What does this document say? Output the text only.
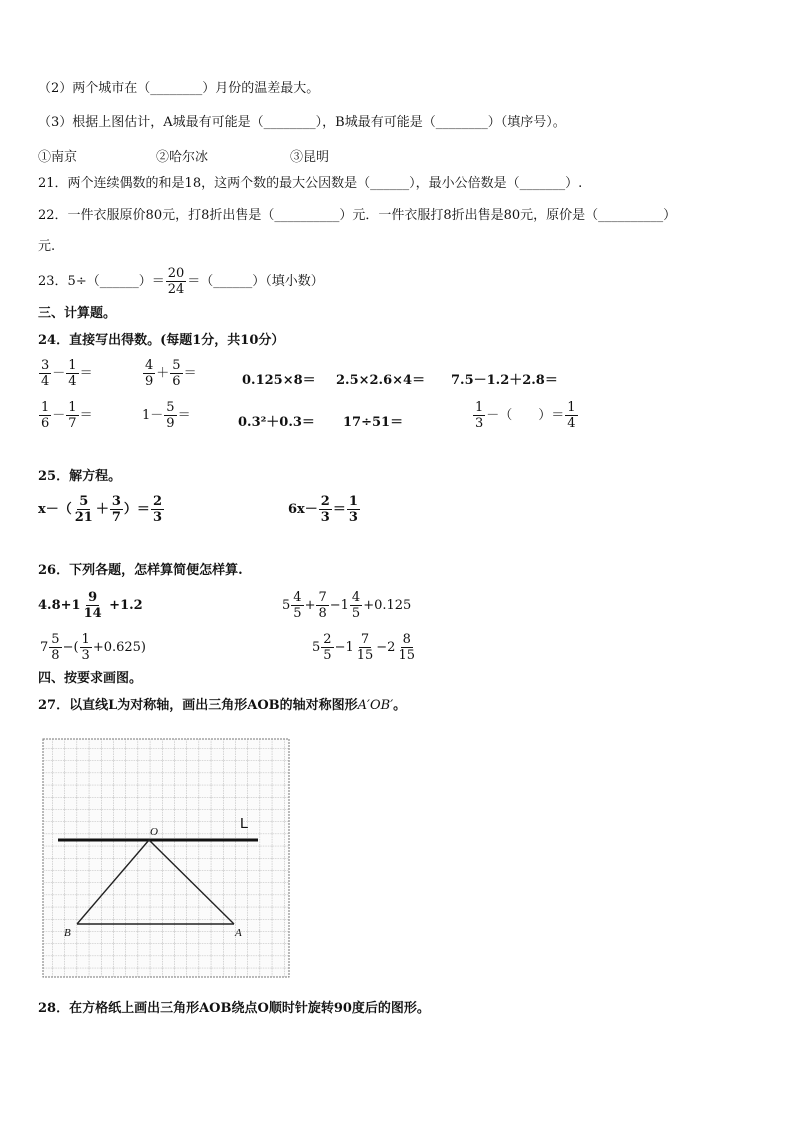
（2）两个城市在（________）月份的温差最大。
（3）根据上图估计，A城最有可能是（________），B城最有可能是（________）（填序号）。
①南京	②哈尔冰	③昆明
21．两个连续偶数的和是18，这两个数的最大公因数是（______），最小公倍数是（_______）.
22．一件衣服原价80元，打8折出售是（__________）元．一件衣服打8折出售是80元，原价是（__________）
元.
23．5÷（______）＝ $\frac{20}{24}$ ＝（______）（填小数）
三、计算题。
24．直接写出得数。(每题1分，共10分）
$\frac{3}{4} - \frac{1}{4}$ ＝	$\frac{4}{9} + \frac{5}{6}$ ＝	0.125×8＝ 2.5×2.6×4＝ 7.5－1.2＋2.8＝
$\frac{1}{6} - \frac{1}{7}$ ＝	$1- \frac{5}{9}$ ＝	0.3²＋0.3＝ 17÷51＝	$\frac{1}{3}$ －（　　）＝ $\frac{1}{4}$
25．解方程。
$x-( \frac{5}{21} + \frac{3}{7}$ ）＝ $\frac{2}{3}$	$6x- \frac{2}{3} = \frac{1}{3}$
26．下列各题，怎样算简便怎样算.
$4.8+1 \frac{9}{14} +1.2$	$5 \frac{4}{5} + \frac{7}{8} -1 \frac{4}{5} +0.125$
$7 \frac{5}{8}$ −( $\frac{1}{3} +0.625$)	$5 \frac{2}{5} -1 \frac{7}{15} -2 \frac{8}{15}$
四、按要求画图。
27．以直线L为对称轴，画出三角形AOB的轴对称图形A′OB′。
L
O
A
B
28．在方格纸上画出三角形AOB绕点O顺时针旋转90度后的图形。
